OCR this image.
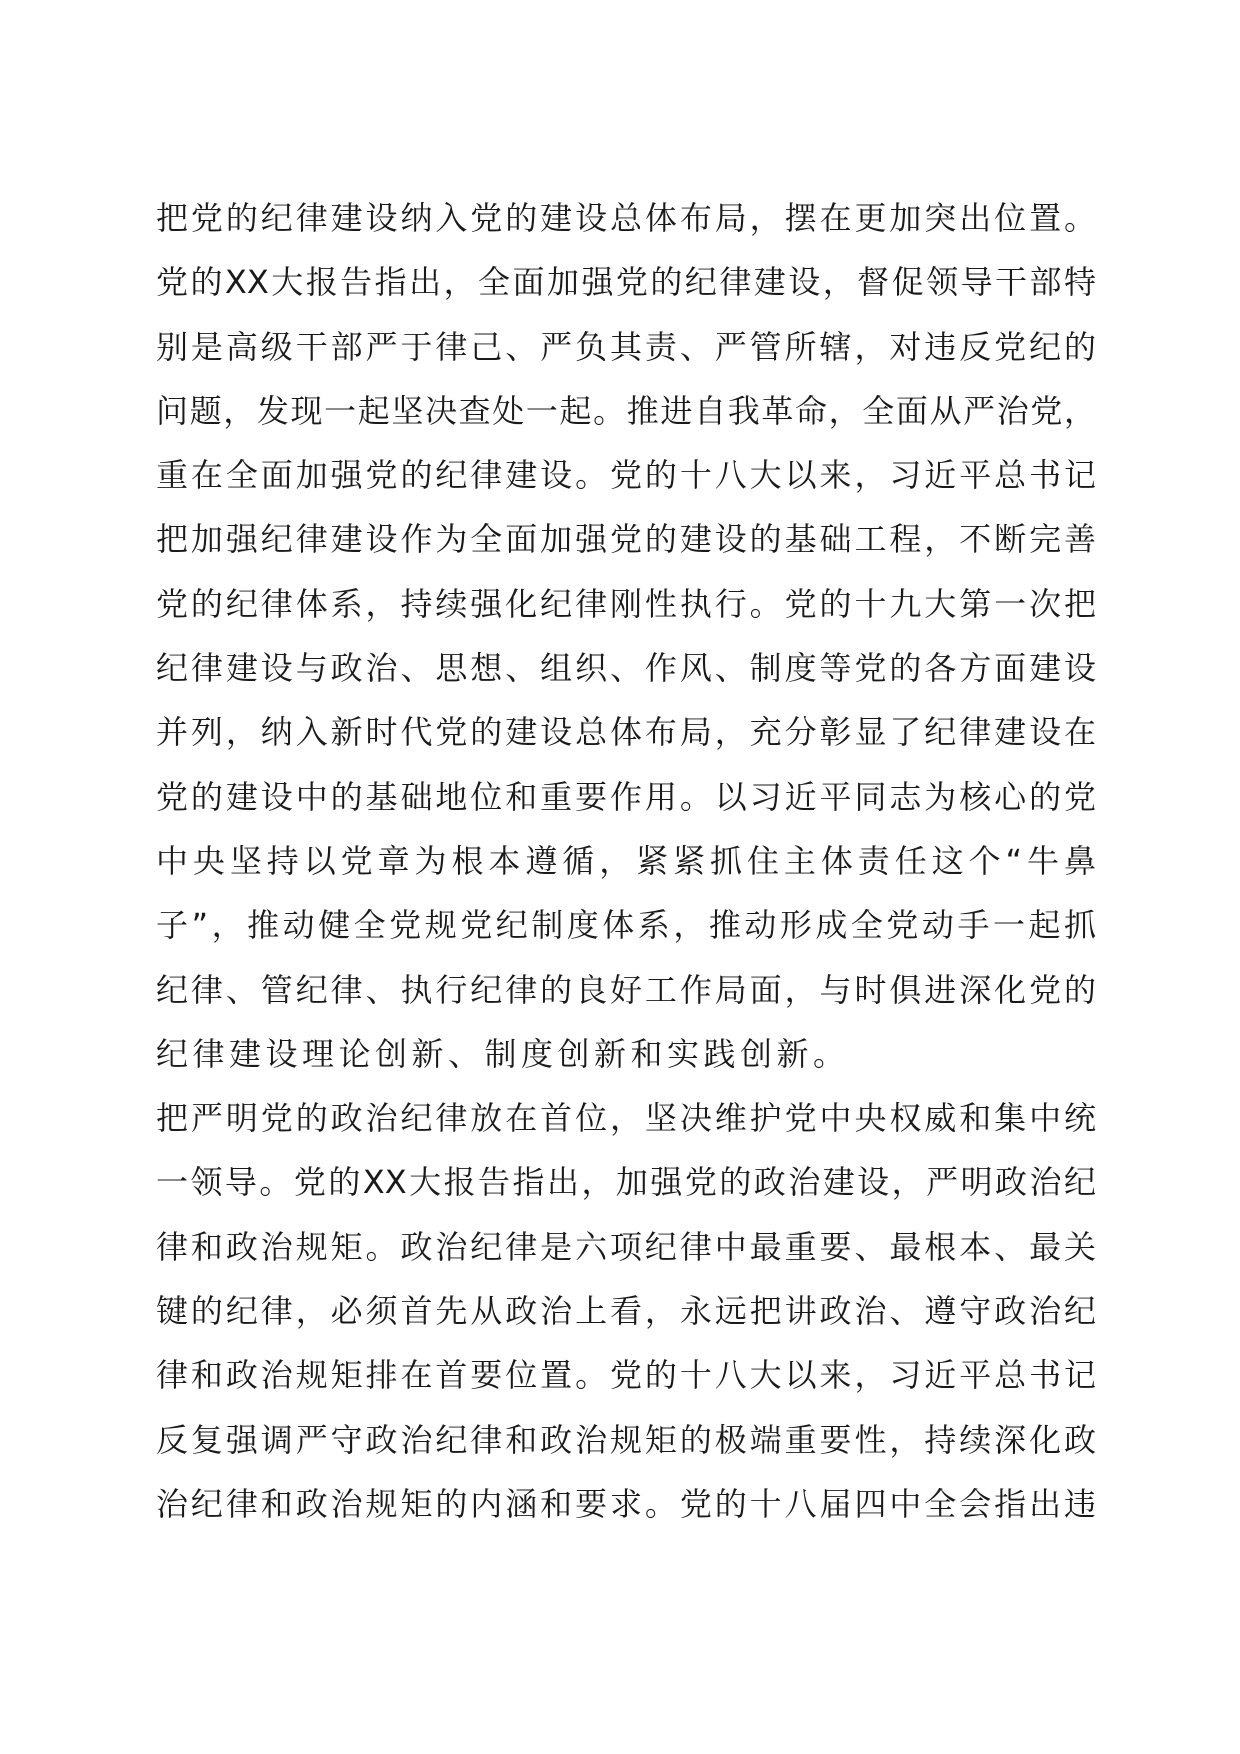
把党的纪律建设纳入党的建设总体布局，摆在更加突出位置。
党的XX大报告指出，全面加强党的纪律建设，督促领导干部特
别是高级干部严于律己、严负其责、严管所辖，对违反党纪的
问题，发现一起坚决查处一起。推进自我革命，全面从严治党，
重在全面加强党的纪律建设。党的十八大以来，习近平总书记
把加强纪律建设作为全面加强党的建设的基础工程，不断完善
党的纪律体系，持续强化纪律刚性执行。党的十九大第一次把
纪律建设与政治、思想、组织、作风、制度等党的各方面建设
并列，纳入新时代党的建设总体布局，充分彰显了纪律建设在
党的建设中的基础地位和重要作用。以习近平同志为核心的党
中央坚持以党章为根本遵循，紧紧抓住主体责任这个“牛鼻
子”，推动健全党规党纪制度体系，推动形成全党动手一起抓
纪律、管纪律、执行纪律的良好工作局面，与时俱进深化党的
纪律建设理论创新、制度创新和实践创新。
把严明党的政治纪律放在首位，坚决维护党中央权威和集中统
一领导。党的XX大报告指出，加强党的政治建设，严明政治纪
律和政治规矩。政治纪律是六项纪律中最重要、最根本、最关
键的纪律，必须首先从政治上看，永远把讲政治、遵守政治纪
律和政治规矩排在首要位置。党的十八大以来，习近平总书记
反复强调严守政治纪律和政治规矩的极端重要性，持续深化政
治纪律和政治规矩的内涵和要求。党的十八届四中全会指出违
